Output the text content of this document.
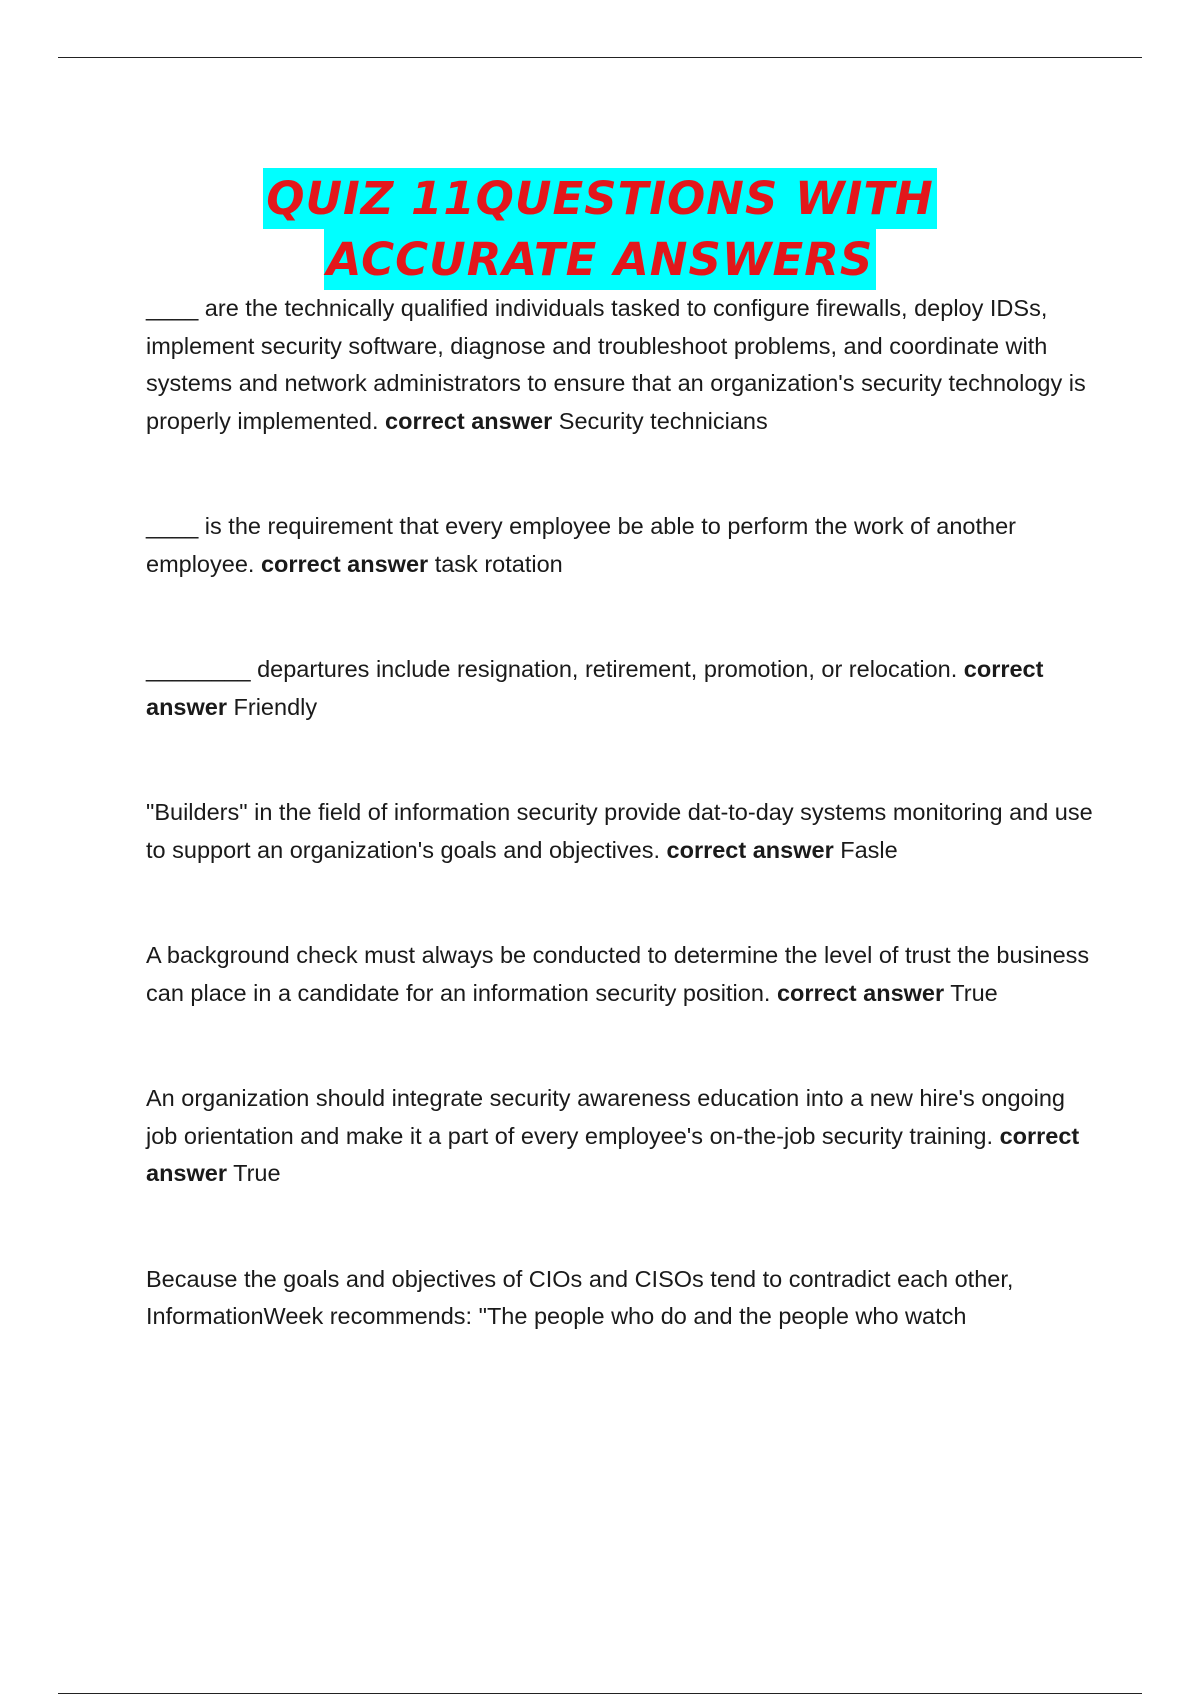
QUIZ 11QUESTIONS WITH
ACCURATE ANSWERS

____ are the technically qualified individuals tasked to configure firewalls, deploy IDSs, implement security software, diagnose and troubleshoot problems, and coordinate with systems and network administrators to ensure that an organization's security technology is properly implemented. correct answer Security technicians

____ is the requirement that every employee be able to perform the work of another employee. correct answer task rotation

________ departures include resignation, retirement, promotion, or relocation. correct answer Friendly

"Builders" in the field of information security provide dat-to-day systems monitoring and use to support an organization's goals and objectives. correct answer Fasle

A background check must always be conducted to determine the level of trust the business can place in a candidate for an information security position. correct answer True

An organization should integrate security awareness education into a new hire's ongoing job orientation and make it a part of every employee's on-the-job security training. correct answer True

Because the goals and objectives of CIOs and CISOs tend to contradict each other, InformationWeek recommends: "The people who do and the people who watch
